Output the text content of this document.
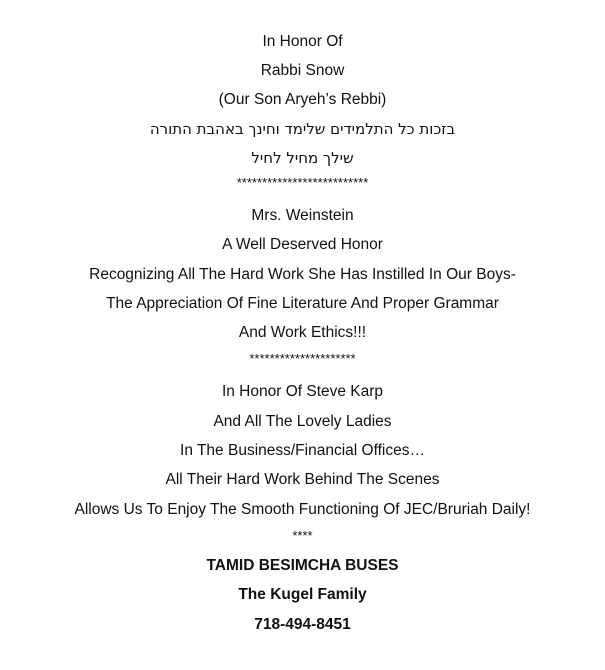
In Honor Of
Rabbi Snow
(Our Son Aryeh’s Rebbi)
בזכות כל התלמידים שלימד וחינך באהבת התורה
שילך מחיל לחיל
**************************
Mrs. Weinstein
A Well Deserved Honor
Recognizing All The Hard Work She Has Instilled In Our Boys-
The Appreciation Of Fine Literature And Proper Grammar
And Work Ethics!!!
*********************
In Honor Of Steve Karp
And All The Lovely Ladies
In The Business/Financial Offices…
All Their Hard Work Behind The Scenes
Allows Us To Enjoy The Smooth Functioning Of JEC/Bruriah Daily!
****
TAMID BESIMCHA BUSES
The Kugel Family
718-494-8451
